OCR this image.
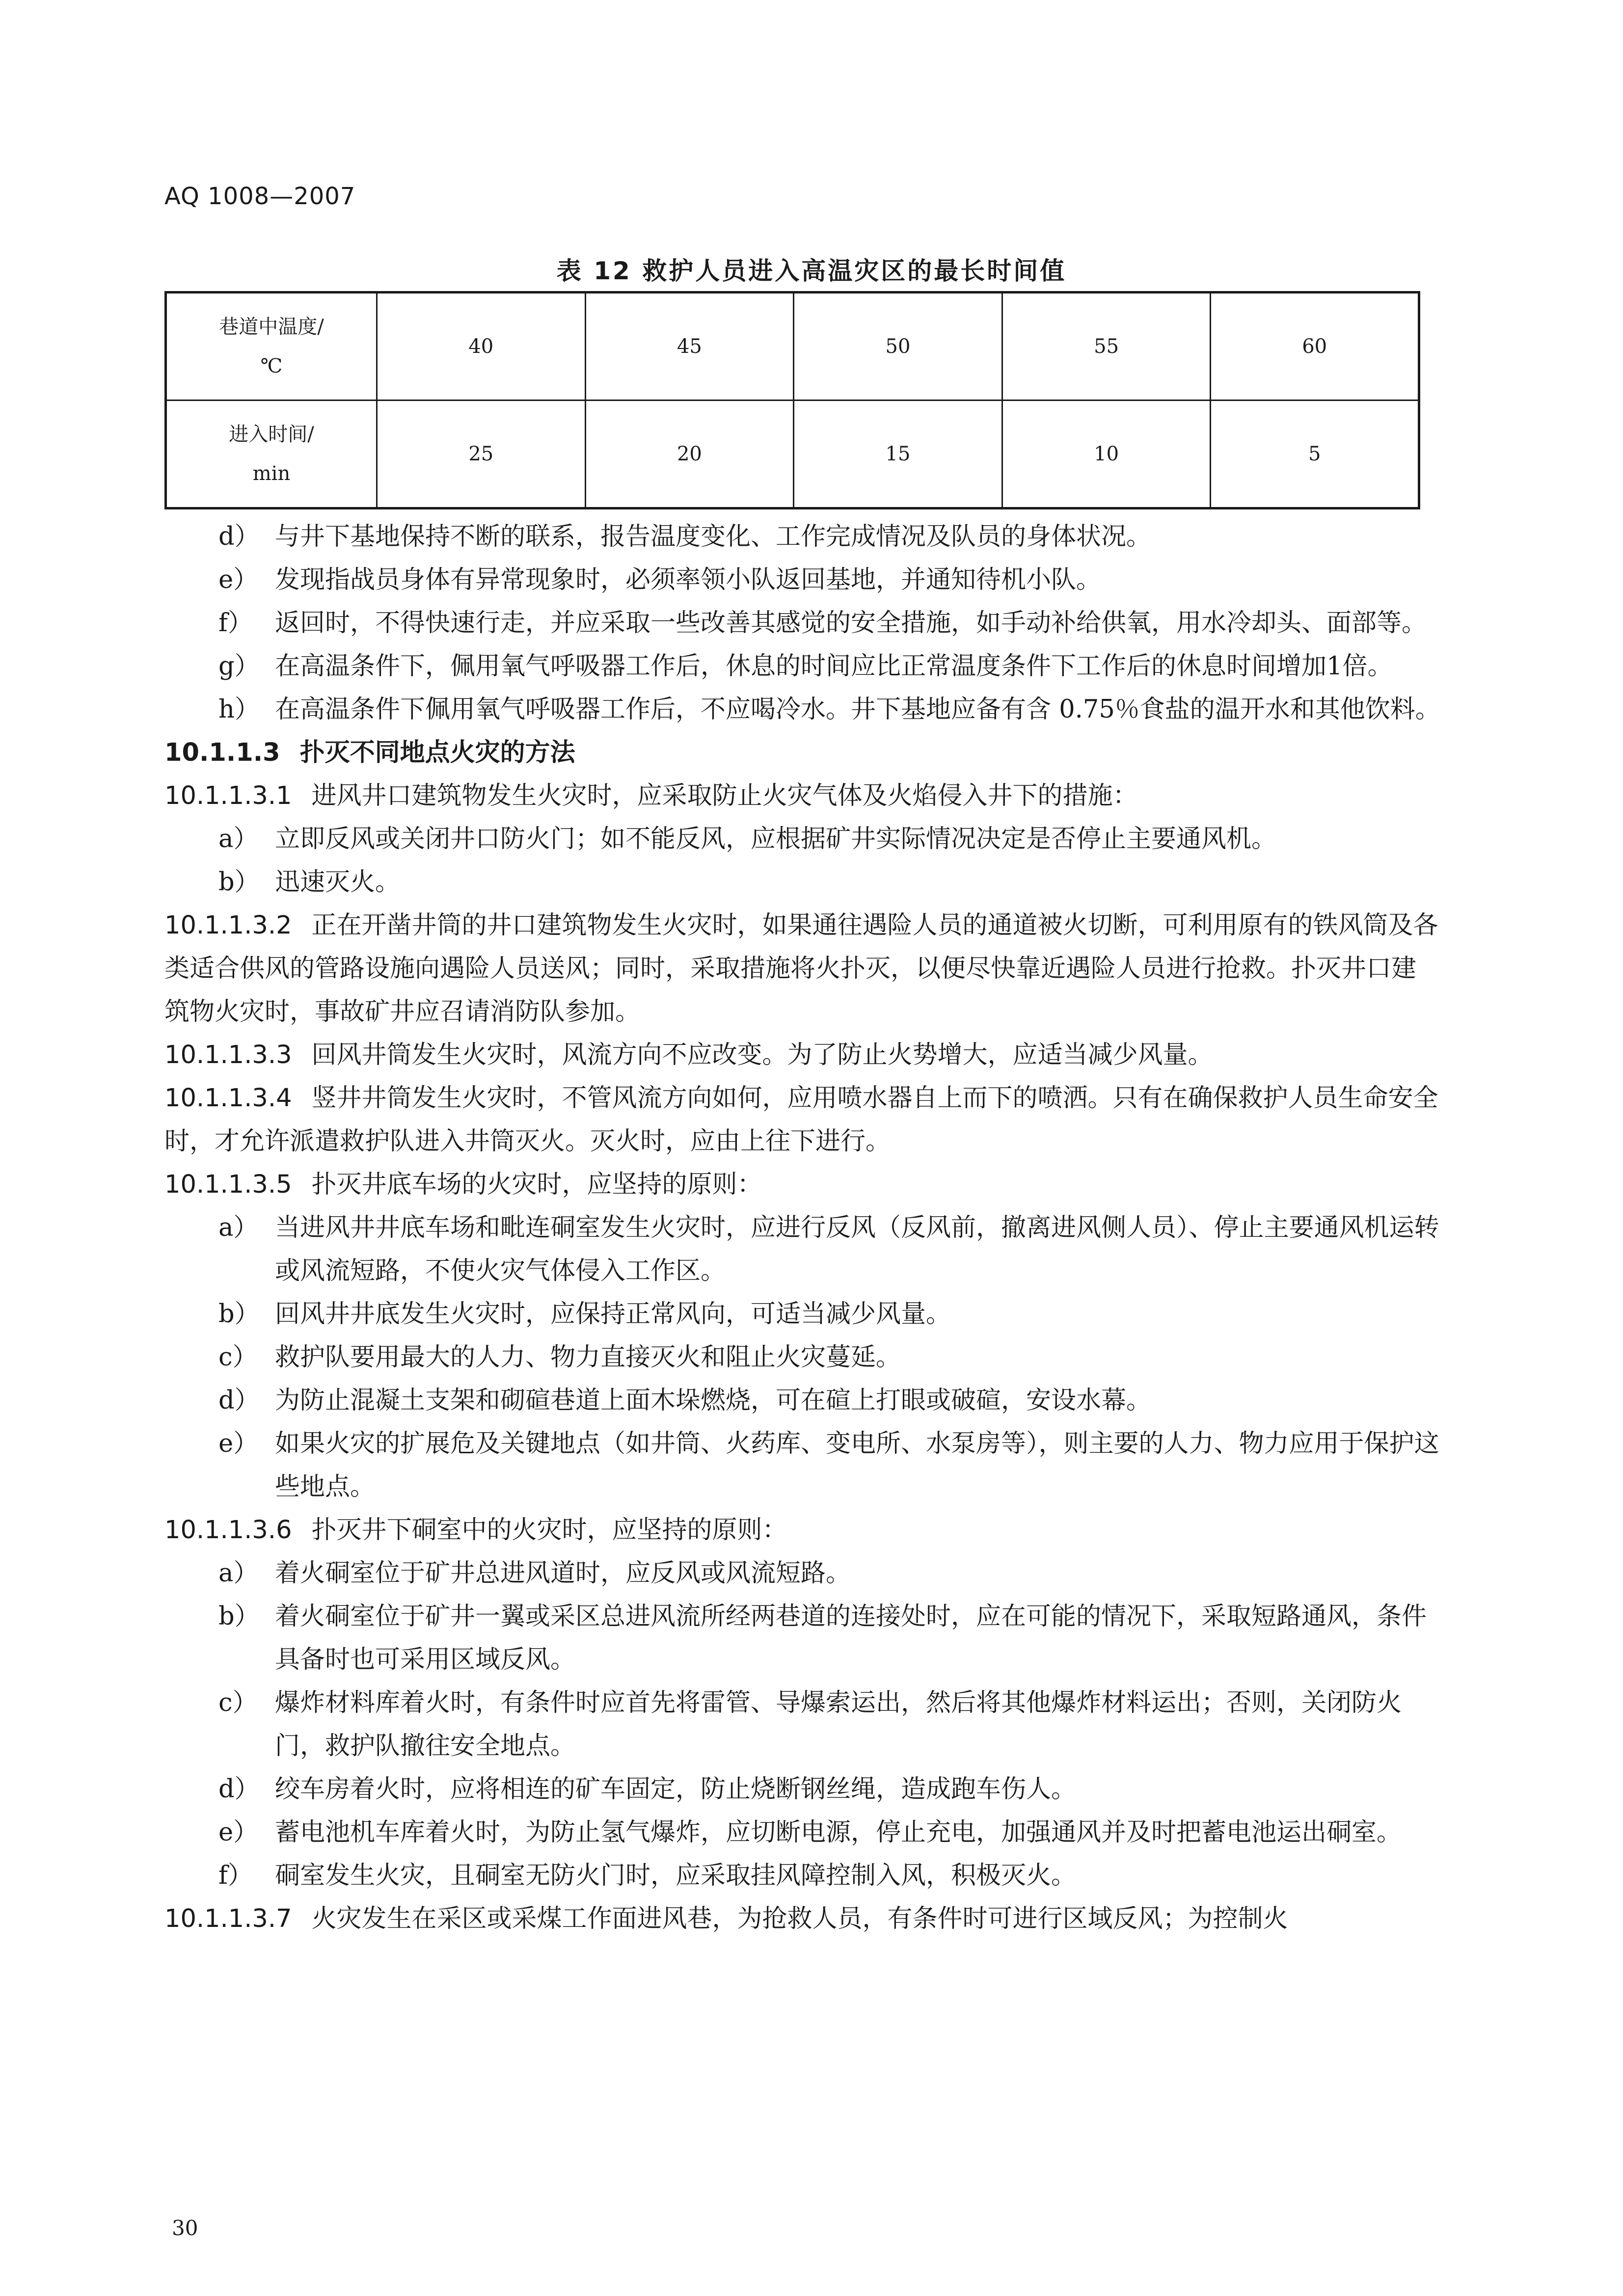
AQ 1008—2007
表 12 救护人员进入高温灾区的最长时间值
巷道中温度/
℃	40	45	50	55	60
进入时间/
min	25	20	15	10	5
d） 与井下基地保持不断的联系，报告温度变化、工作完成情况及队员的身体状况。
e） 发现指战员身体有异常现象时，必须率领小队返回基地，并通知待机小队。
f） 返回时，不得快速行走，并应采取一些改善其感觉的安全措施，如手动补给供氧，用水冷却头、面部等。
g） 在高温条件下，佩用氧气呼吸器工作后，休息的时间应比正常温度条件下工作后的休息时间增加1倍。
h） 在高温条件下佩用氧气呼吸器工作后，不应喝冷水。井下基地应备有含 0.75％食盐的温开水和其他饮料。
10.1.1.3 扑灭不同地点火灾的方法
10.1.1.3.1 进风井口建筑物发生火灾时，应采取防止火灾气体及火焰侵入井下的措施：
a） 立即反风或关闭井口防火门；如不能反风，应根据矿井实际情况决定是否停止主要通风机。
b） 迅速灭火。
10.1.1.3.2 正在开凿井筒的井口建筑物发生火灾时，如果通往遇险人员的通道被火切断，可利用原有的铁风筒及各类适合供风的管路设施向遇险人员送风；同时，采取措施将火扑灭，以便尽快靠近遇险人员进行抢救。扑灭井口建筑物火灾时，事故矿井应召请消防队参加。
10.1.1.3.3 回风井筒发生火灾时，风流方向不应改变。为了防止火势增大，应适当减少风量。
10.1.1.3.4 竖井井筒发生火灾时，不管风流方向如何，应用喷水器自上而下的喷洒。只有在确保救护人员生命安全时，才允许派遣救护队进入井筒灭火。灭火时，应由上往下进行。
10.1.1.3.5 扑灭井底车场的火灾时，应坚持的原则：
a） 当进风井井底车场和毗连硐室发生火灾时，应进行反风（反风前，撤离进风侧人员）、停止主要通风机运转或风流短路，不使火灾气体侵入工作区。
b） 回风井井底发生火灾时，应保持正常风向，可适当减少风量。
c） 救护队要用最大的人力、物力直接灭火和阻止火灾蔓延。
d） 为防止混凝土支架和砌碹巷道上面木垛燃烧，可在碹上打眼或破碹，安设水幕。
e） 如果火灾的扩展危及关键地点（如井筒、火药库、变电所、水泵房等），则主要的人力、物力应用于保护这些地点。
10.1.1.3.6 扑灭井下硐室中的火灾时，应坚持的原则：
a） 着火硐室位于矿井总进风道时，应反风或风流短路。
b） 着火硐室位于矿井一翼或采区总进风流所经两巷道的连接处时，应在可能的情况下，采取短路通风，条件具备时也可采用区域反风。
c） 爆炸材料库着火时，有条件时应首先将雷管、导爆索运出，然后将其他爆炸材料运出；否则，关闭防火门，救护队撤往安全地点。
d） 绞车房着火时，应将相连的矿车固定，防止烧断钢丝绳，造成跑车伤人。
e） 蓄电池机车库着火时，为防止氢气爆炸，应切断电源，停止充电，加强通风并及时把蓄电池运出硐室。
f） 硐室发生火灾，且硐室无防火门时，应采取挂风障控制入风，积极灭火。
10.1.1.3.7 火灾发生在采区或采煤工作面进风巷，为抢救人员，有条件时可进行区域反风；为控制火
30
